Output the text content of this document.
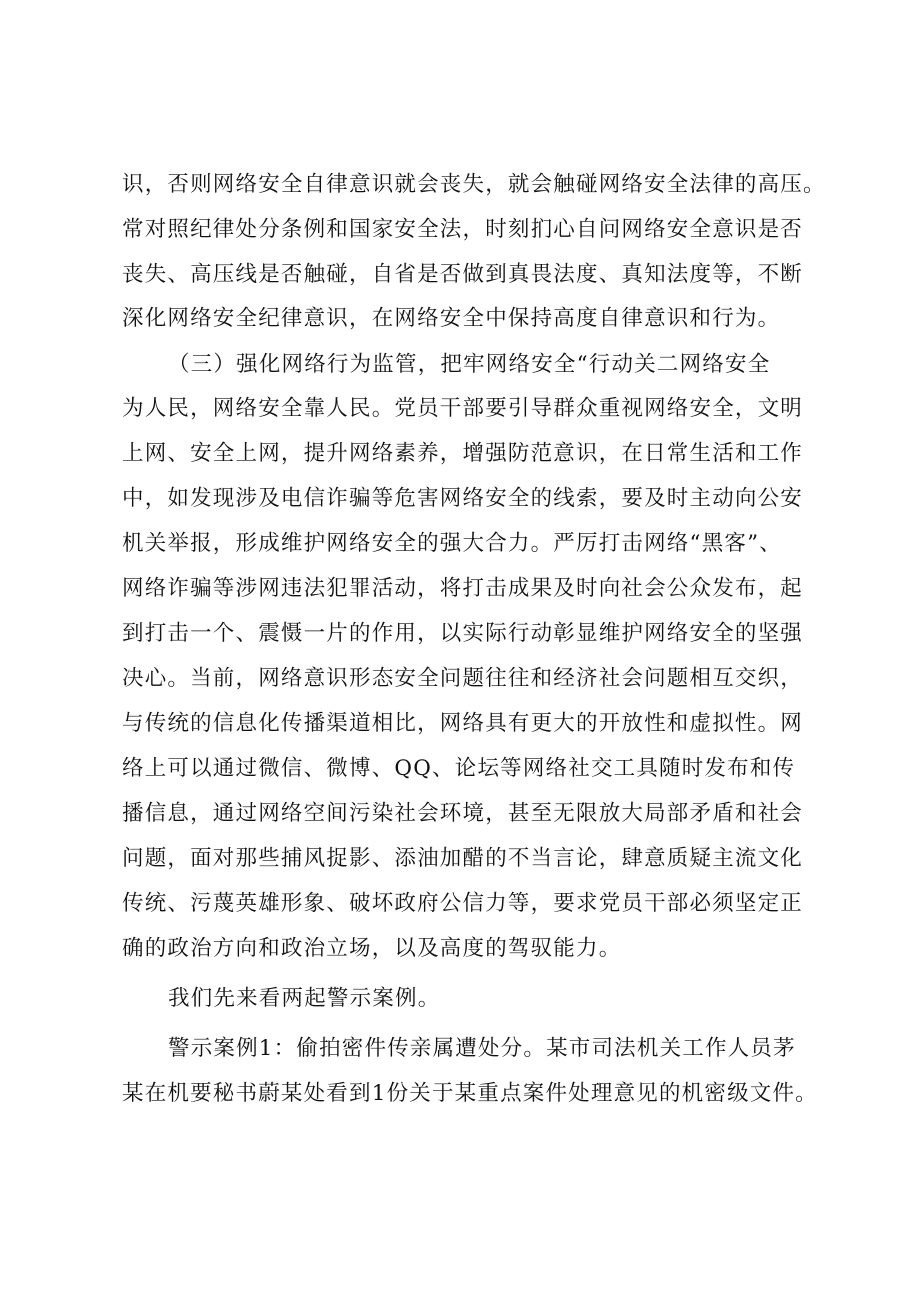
识，否则网络安全自律意识就会丧失，就会触碰网络安全法律的高压。
常对照纪律处分条例和国家安全法，时刻扪心自问网络安全意识是否
丧失、高压线是否触碰，自省是否做到真畏法度、真知法度等，不断
深化网络安全纪律意识，在网络安全中保持高度自律意识和行为。
（三）强化网络行为监管，把牢网络安全“行动关二网络安全
为人民，网络安全靠人民。党员干部要引导群众重视网络安全，文明
上网、安全上网，提升网络素养，增强防范意识，在日常生活和工作
中，如发现涉及电信诈骗等危害网络安全的线索，要及时主动向公安
机关举报，形成维护网络安全的强大合力。严厉打击网络“黑客”、
网络诈骗等涉网违法犯罪活动，将打击成果及时向社会公众发布，起
到打击一个、震慑一片的作用，以实际行动彰显维护网络安全的坚强
决心。当前，网络意识形态安全问题往往和经济社会问题相互交织，
与传统的信息化传播渠道相比，网络具有更大的开放性和虚拟性。网
络上可以通过微信、微博、QQ、论坛等网络社交工具随时发布和传
播信息，通过网络空间污染社会环境，甚至无限放大局部矛盾和社会
问题，面对那些捕风捉影、添油加醋的不当言论，肆意质疑主流文化
传统、污蔑英雄形象、破坏政府公信力等，要求党员干部必须坚定正
确的政治方向和政治立场，以及高度的驾驭能力。
我们先来看两起警示案例。
警示案例1：偷拍密件传亲属遭处分。某市司法机关工作人员茅
某在机要秘书蔚某处看到1份关于某重点案件处理意见的机密级文件。
